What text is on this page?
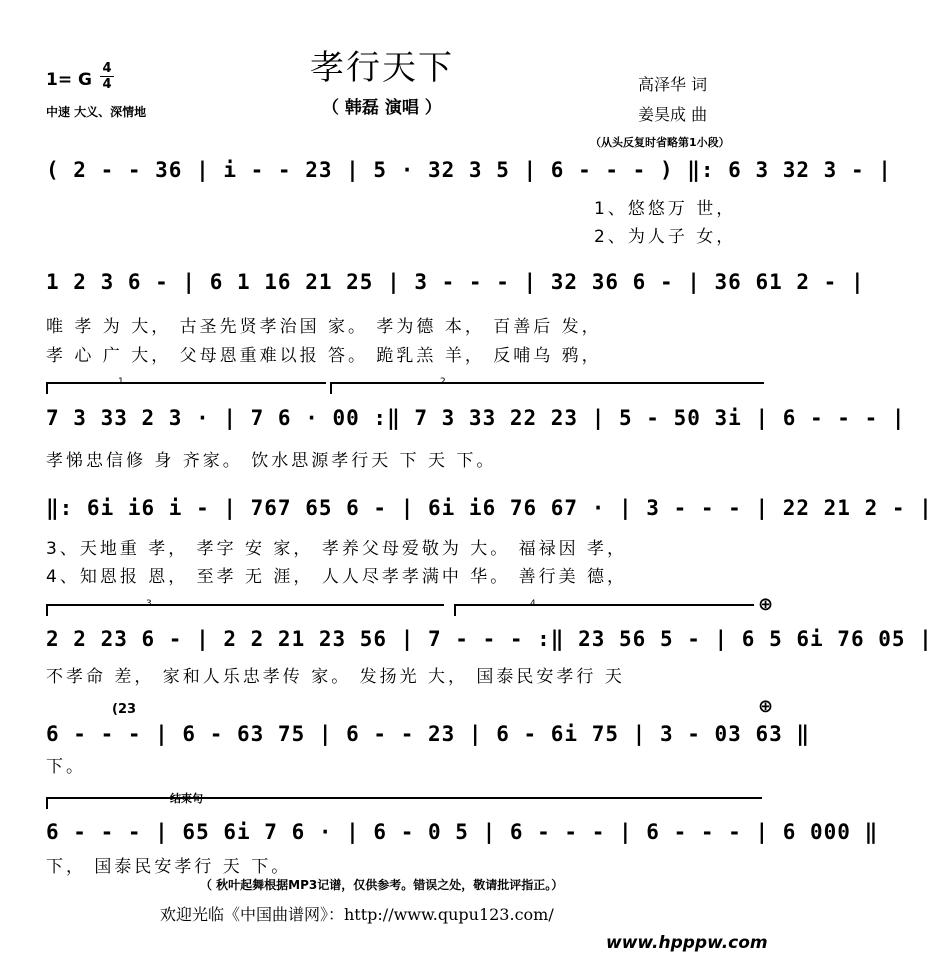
孝行天下
（ 韩磊 演唱 ）
1= G
4
4
中速 大义、深情地
高泽华 词
姜昊成 曲
（从头反复时省略第1小段）
( 2 - - 36 | i - - 23 | 5 · 32 3 5 | 6 - - - ) ‖: 6 3 32 3 - |
1、悠悠万 世，
2、为人子 女，
1 2 3 6 - | 6 1 16 21 25 | 3 - - - | 32 36 6 - | 36 61 2 - |
唯 孝 为 大， 古圣先贤孝治国 家。 孝为德 本， 百善后 发，
孝 心 广 大， 父母恩重难以报 答。 跪乳羔 羊， 反哺乌 鸦，
1	2
7 3 33 2 3 · | 7 6 · 00 :‖ 7 3 33 22 23 | 5 - 50 3i | 6 - - - |
孝悌忠信修 身 齐家。 饮水思源孝行天 下 天 下。
‖: 6i i6 i - | 767 65 6 - | 6i i6 76 67 · | 3 - - - | 22 21 2 - |
3、天地重 孝， 孝字 安 家， 孝养父母爱敬为 大。 福禄因 孝，
4、知恩报 恩， 至孝 无 涯， 人人尽孝孝满中 华。 善行美 德，
3	4	⊕
2 2 23 6 - | 2 2 21 23 56 | 7 - - - :‖ 23 56 5 - | 6 5 6i 76 05 |
不孝命 差， 家和人乐忠孝传 家。 发扬光 大， 国泰民安孝行 天
(23	⊕
6 - - - | 6 - 63 75 | 6 - - 23 | 6 - 6i 75 | 3 - 03 63 ‖
下。
结束句
6 - - - | 65 6i 7 6 · | 6 - 0 5 | 6 - - - | 6 - - - | 6 000 ‖
下， 国泰民安孝行 天 下。
（ 秋叶起舞根据MP3记谱，仅供参考。错误之处，敬请批评指正。）
欢迎光临《中国曲谱网》：http://www.qupu123.com/
www.hpppw.com
